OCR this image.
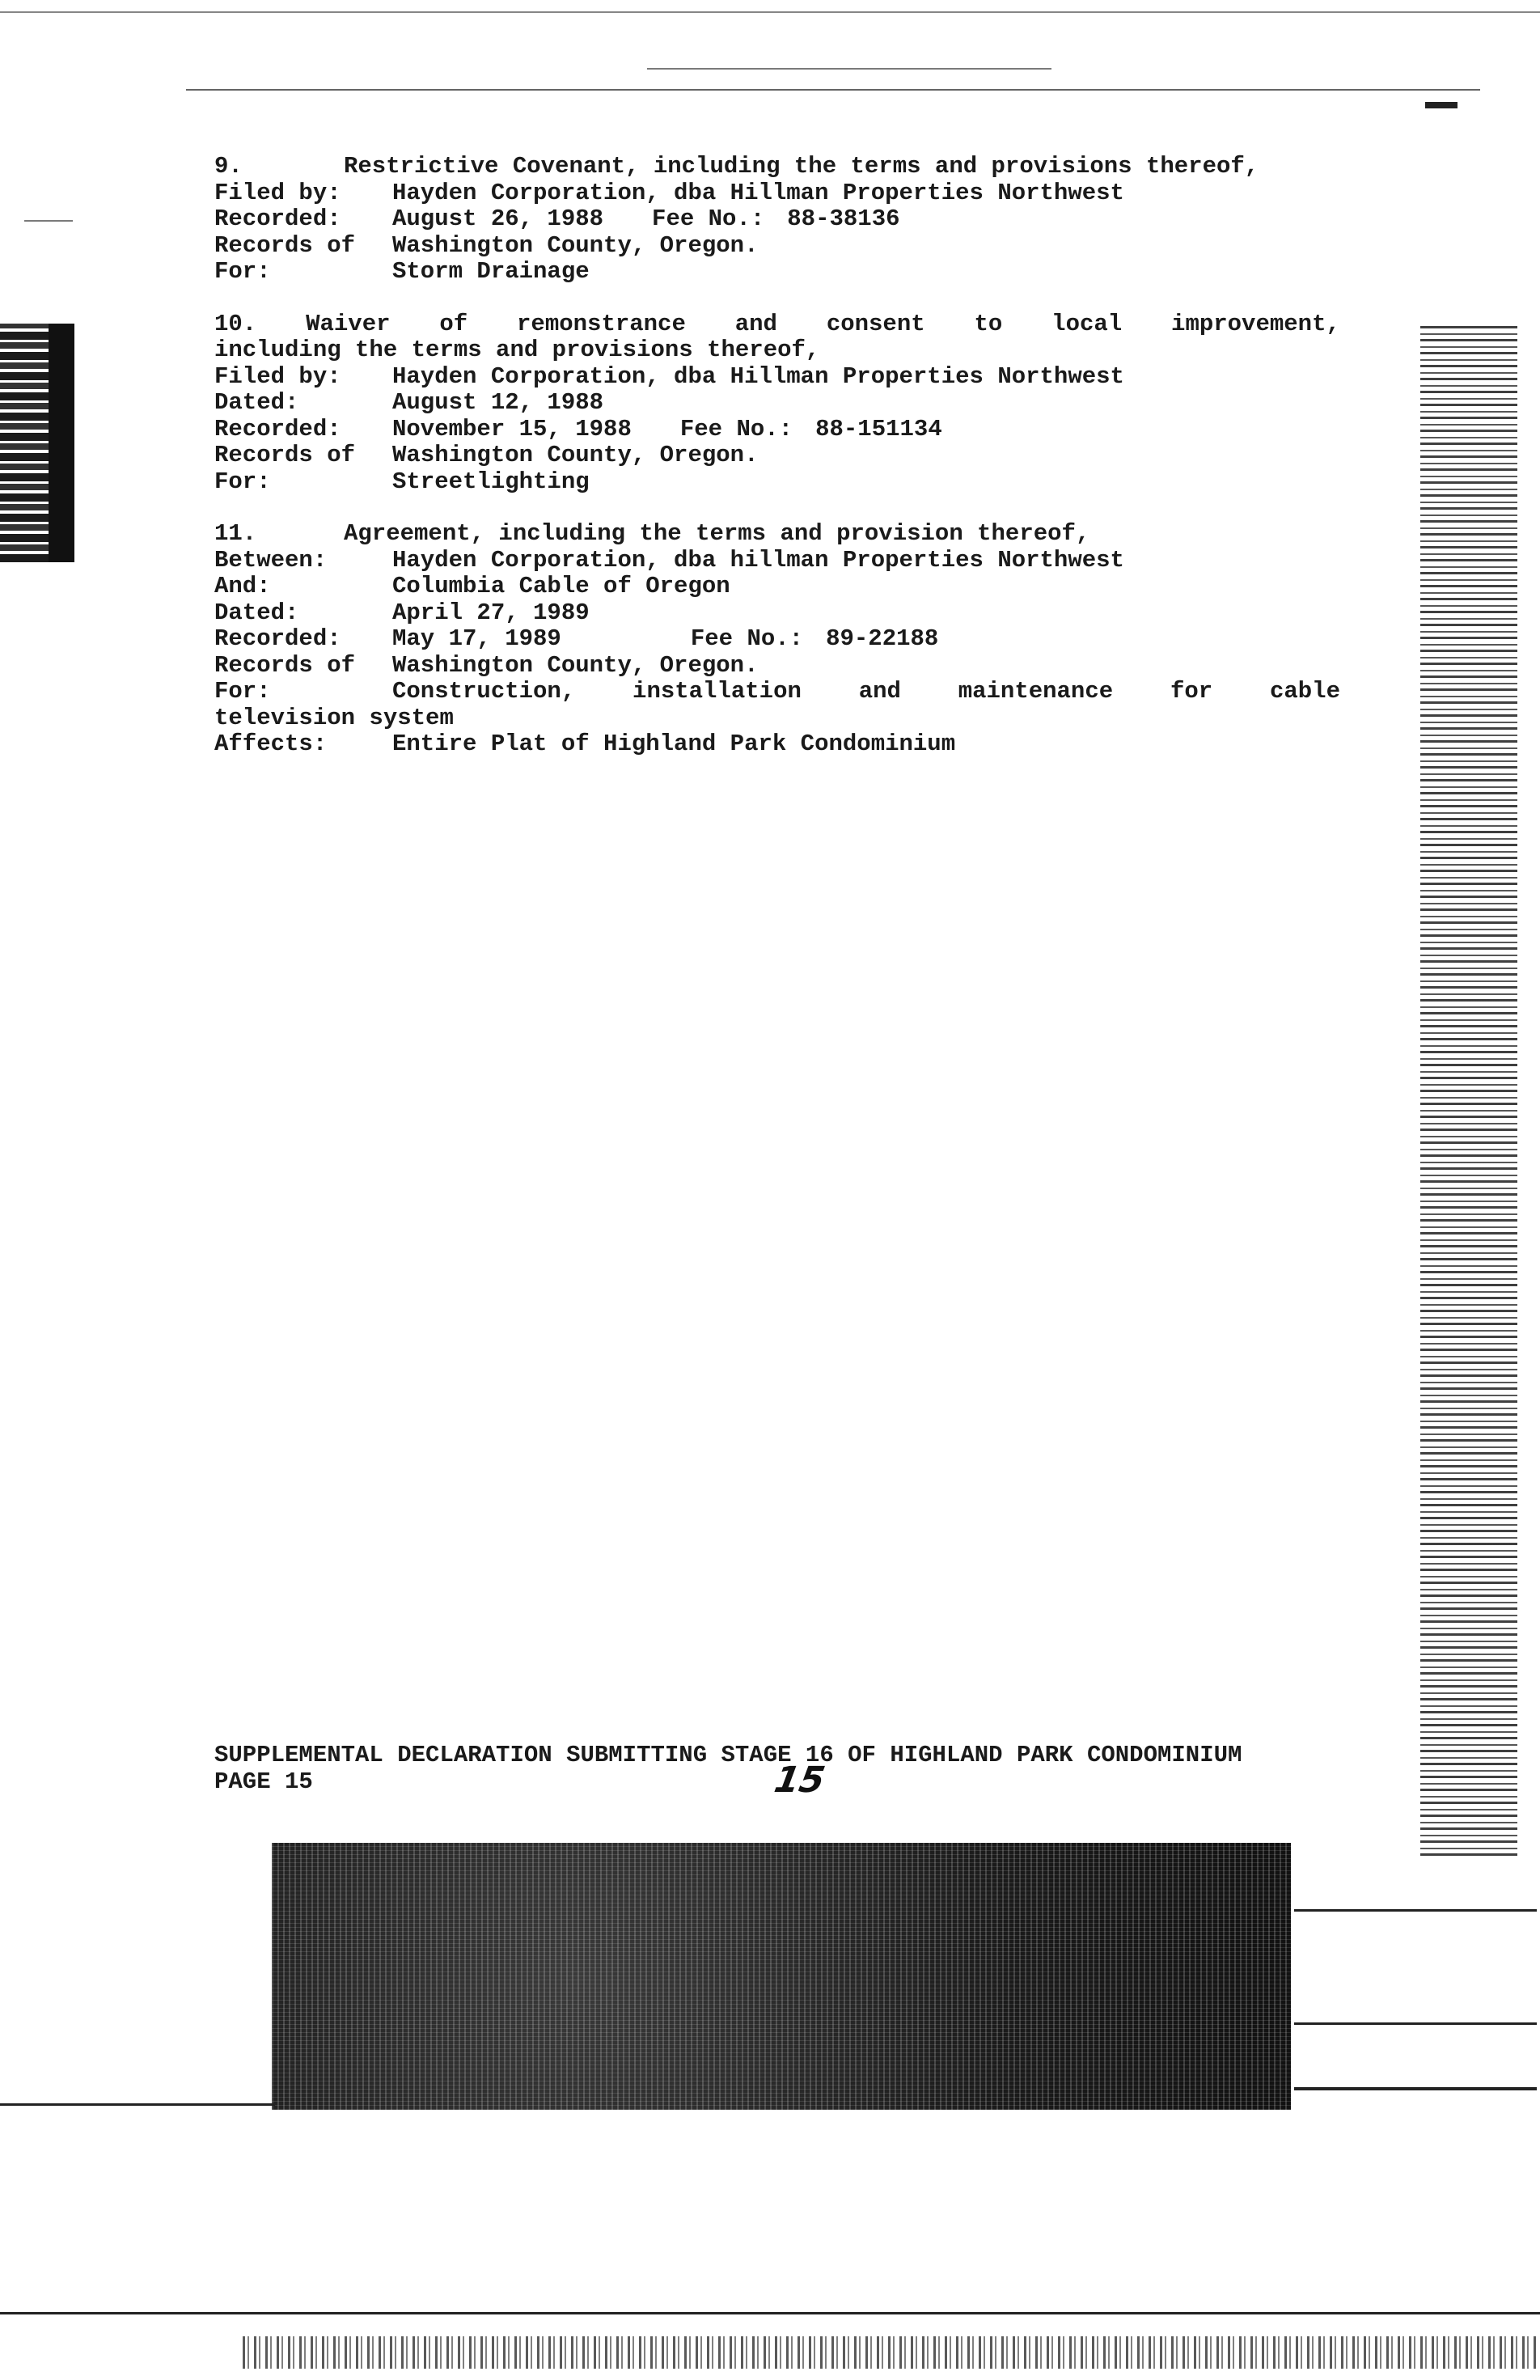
9.	Restrictive Covenant, including the terms and provisions thereof,
Filed by:	Hayden Corporation, dba Hillman Properties Northwest
Recorded:	August 26, 1988 Fee No.: 88-38136
Records of	Washington County, Oregon.
For:	Storm Drainage
10. Waiver of remonstrance and consent to local improvement,
including the terms and provisions thereof,
Filed by:	Hayden Corporation, dba Hillman Properties Northwest
Dated:	August 12, 1988
Recorded:	November 15, 1988 Fee No.: 88-151134
Records of	Washington County, Oregon.
For:	Streetlighting
11.	Agreement, including the terms and provision thereof,
Between:	Hayden Corporation, dba hillman Properties Northwest
And:	Columbia Cable of Oregon
Dated:	April 27, 1989
Recorded:	May 17, 1989	Fee No.: 89-22188
Records of	Washington County, Oregon.
For:	Construction, installation and maintenance for cable
television system
Affects:	Entire Plat of Highland Park Condominium
SUPPLEMENTAL DECLARATION SUBMITTING STAGE 16 OF HIGHLAND PARK CONDOMINIUM
PAGE 15	15
